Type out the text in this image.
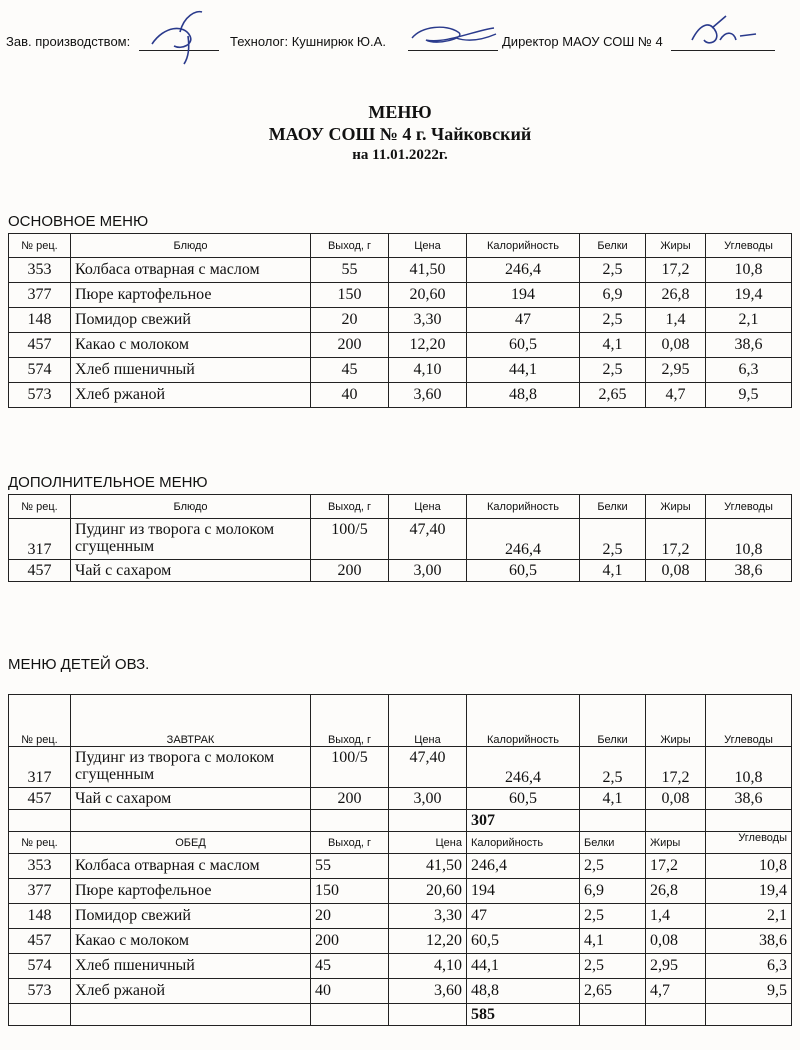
Зав. производством:	Технолог: Кушнирюк Ю.А.	Директор МАОУ СОШ № 4
МЕНЮ
МАОУ СОШ № 4 г. Чайковский
на 11.01.2022г.
ОСНОВНОЕ МЕНЮ
№ рец.	Блюдо	Выход, г	Цена	Калорийность	Белки	Жиры	Углеводы
353	Колбаса отварная с маслом	55	41,50	246,4	2,5	17,2	10,8
377	Пюре картофельное	150	20,60	194	6,9	26,8	19,4
148	Помидор свежий	20	3,30	47	2,5	1,4	2,1
457	Какао с молоком	200	12,20	60,5	4,1	0,08	38,6
574	Хлеб пшеничный	45	4,10	44,1	2,5	2,95	6,3
573	Хлеб ржаной	40	3,60	48,8	2,65	4,7	9,5
ДОПОЛНИТЕЛЬНОЕ МЕНЮ
№ рец.	Блюдо	Выход, г	Цена	Калорийность	Белки	Жиры	Углеводы
317	Пудинг из творога с молоком сгущенным	100/5	47,40	246,4	2,5	17,2	10,8
457	Чай с сахаром	200	3,00	60,5	4,1	0,08	38,6
МЕНЮ ДЕТЕЙ ОВЗ.
№ рец.	ЗАВТРАК	Выход, г	Цена	Калорийность	Белки	Жиры	Углеводы
317	Пудинг из творога с молоком сгущенным	100/5	47,40	246,4	2,5	17,2	10,8
457	Чай с сахаром	200	3,00	60,5	4,1	0,08	38,6
				307			
№ рец.	ОБЕД	Выход, г	Цена	Калорийность	Белки	Жиры	Углеводы
353	Колбаса отварная с маслом	55	41,50	246,4	2,5	17,2	10,8
377	Пюре картофельное	150	20,60	194	6,9	26,8	19,4
148	Помидор свежий	20	3,30	47	2,5	1,4	2,1
457	Какао с молоком	200	12,20	60,5	4,1	0,08	38,6
574	Хлеб пшеничный	45	4,10	44,1	2,5	2,95	6,3
573	Хлеб ржаной	40	3,60	48,8	2,65	4,7	9,5
				585			
